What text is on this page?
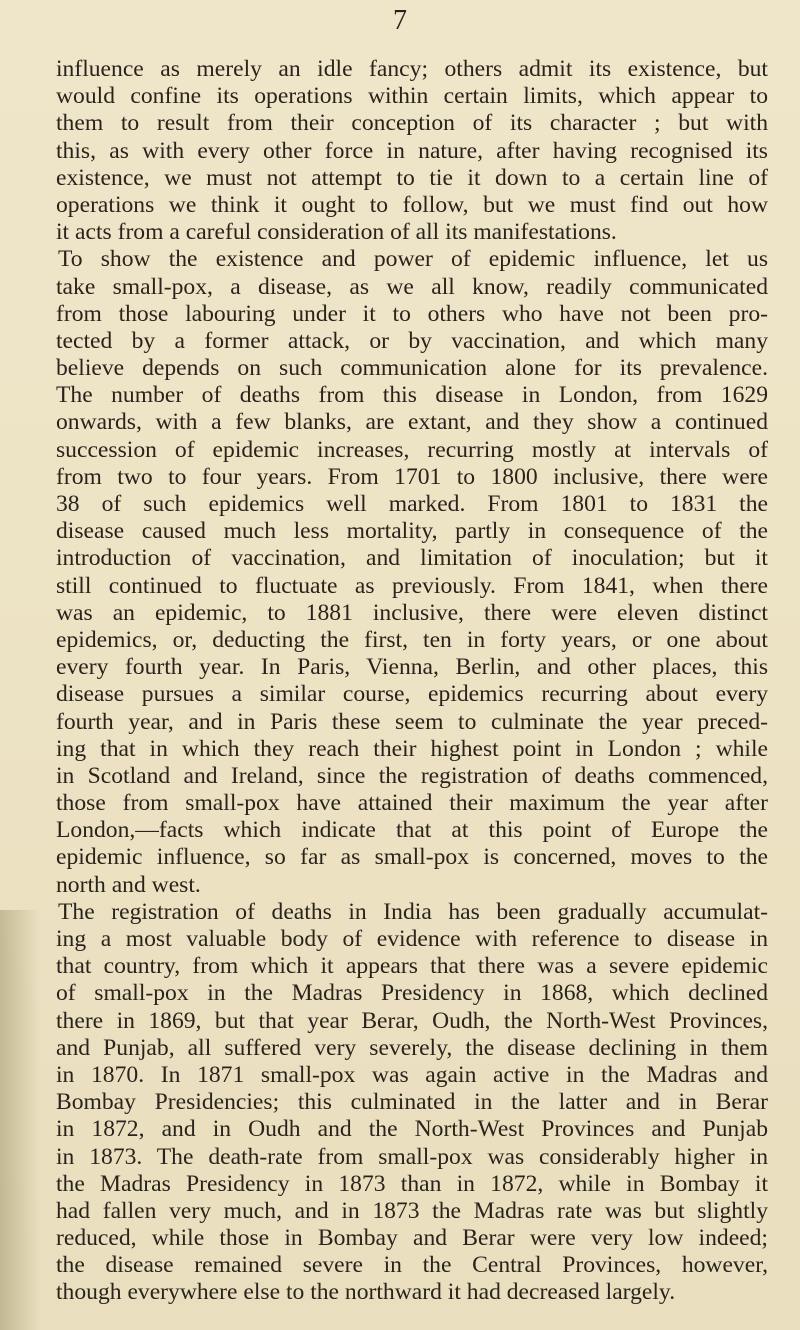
7
influence as merely an idle fancy; others admit its existence, but
would confine its operations within certain limits, which appear to
them to result from their conception of its character ; but with
this, as with every other force in nature, after having recognised its
existence, we must not attempt to tie it down to a certain line of
operations we think it ought to follow, but we must find out how
it acts from a careful consideration of all its manifestations.
To show the existence and power of epidemic influence, let us
take small-pox, a disease, as we all know, readily communicated
from those labouring under it to others who have not been pro-
tected by a former attack, or by vaccination, and which many
believe depends on such communication alone for its prevalence.
The number of deaths from this disease in London, from 1629
onwards, with a few blanks, are extant, and they show a continued
succession of epidemic increases, recurring mostly at intervals of
from two to four years. From 1701 to 1800 inclusive, there were
38 of such epidemics well marked. From 1801 to 1831 the
disease caused much less mortality, partly in consequence of the
introduction of vaccination, and limitation of inoculation; but it
still continued to fluctuate as previously. From 1841, when there
was an epidemic, to 1881 inclusive, there were eleven distinct
epidemics, or, deducting the first, ten in forty years, or one about
every fourth year. In Paris, Vienna, Berlin, and other places, this
disease pursues a similar course, epidemics recurring about every
fourth year, and in Paris these seem to culminate the year preced-
ing that in which they reach their highest point in London ; while
in Scotland and Ireland, since the registration of deaths commenced,
those from small-pox have attained their maximum the year after
London,—facts which indicate that at this point of Europe the
epidemic influence, so far as small-pox is concerned, moves to the
north and west.
The registration of deaths in India has been gradually accumulat-
ing a most valuable body of evidence with reference to disease in
that country, from which it appears that there was a severe epidemic
of small-pox in the Madras Presidency in 1868, which declined
there in 1869, but that year Berar, Oudh, the North-West Provinces,
and Punjab, all suffered very severely, the disease declining in them
in 1870. In 1871 small-pox was again active in the Madras and
Bombay Presidencies; this culminated in the latter and in Berar
in 1872, and in Oudh and the North-West Provinces and Punjab
in 1873. The death-rate from small-pox was considerably higher in
the Madras Presidency in 1873 than in 1872, while in Bombay it
had fallen very much, and in 1873 the Madras rate was but slightly
reduced, while those in Bombay and Berar were very low indeed;
the disease remained severe in the Central Provinces, however,
though everywhere else to the northward it had decreased largely.
